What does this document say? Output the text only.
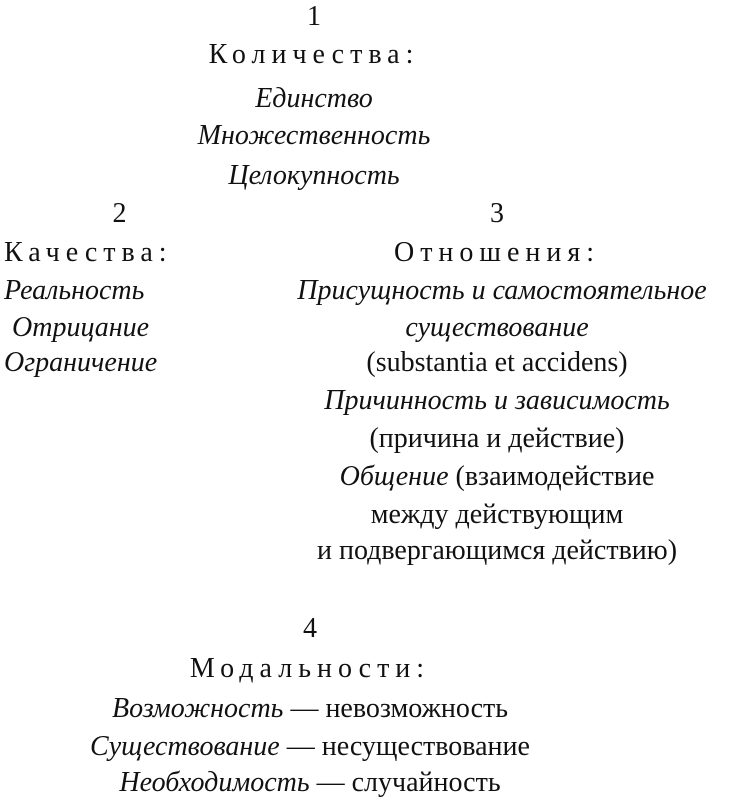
1
Количества:
Единство
Множественность
Целокупность
2
Качества:
Реальность
Отрицание
Ограничение
3
Отношения:
Присущность и самостоятельное
существование
(substantia et accidens)
Причинность и зависимость
(причина и действие)
Общение (взаимодействие
между действующим
и подвергающимся действию)
4
Модальности:
Возможность — невозможность
Существование — несуществование
Необходимость — случайность
